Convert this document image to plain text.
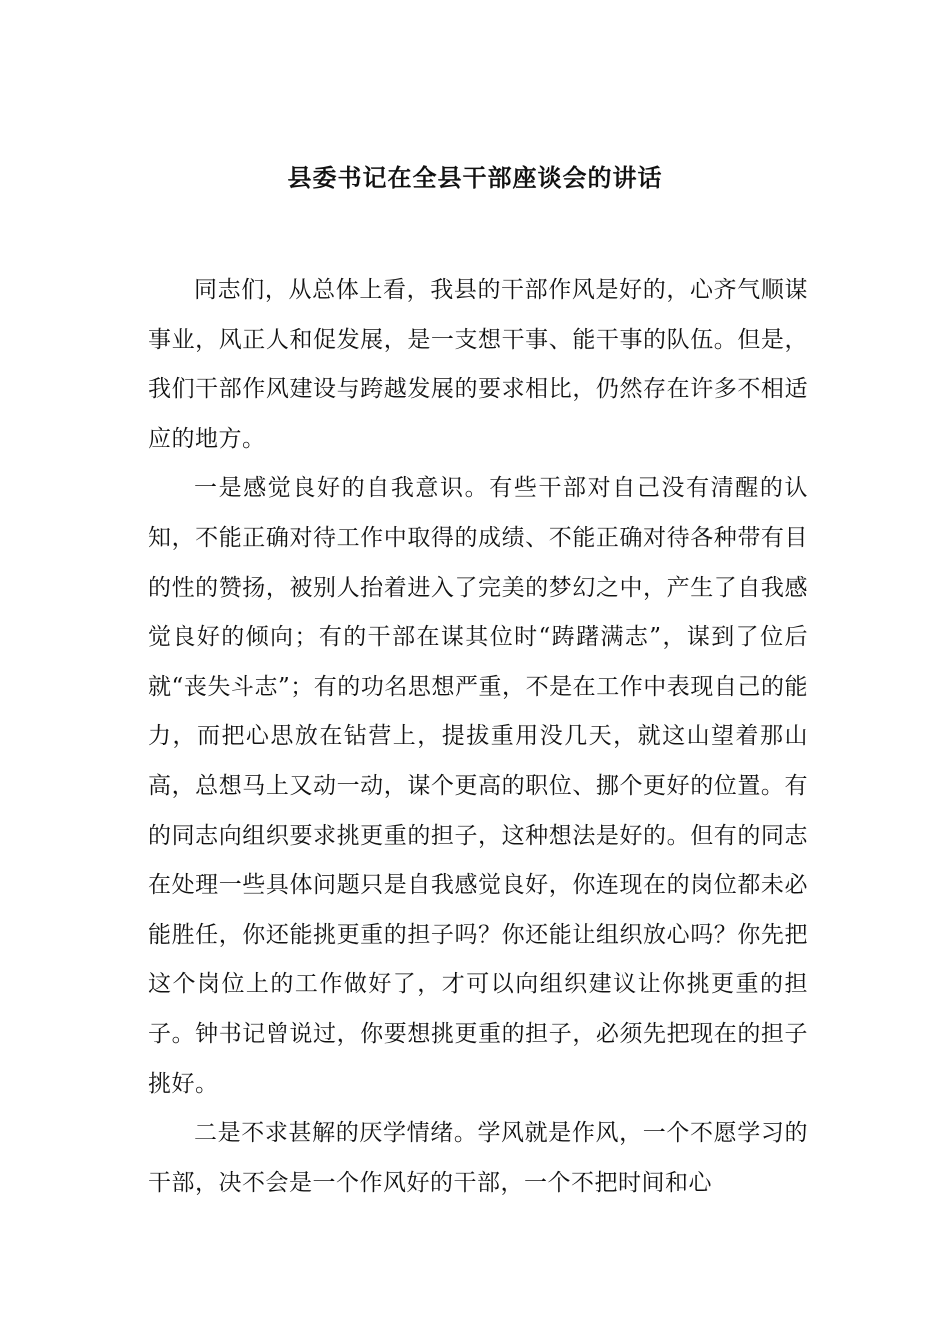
县委书记在全县干部座谈会的讲话

同志们，从总体上看，我县的干部作风是好的，心齐气顺谋事业，风正人和促发展，是一支想干事、能干事的队伍。但是，我们干部作风建设与跨越发展的要求相比，仍然存在许多不相适应的地方。

一是感觉良好的自我意识。有些干部对自己没有清醒的认知，不能正确对待工作中取得的成绩、不能正确对待各种带有目的性的赞扬，被别人抬着进入了完美的梦幻之中，产生了自我感觉良好的倾向；有的干部在谋其位时“踌躇满志”，谋到了位后就“丧失斗志”；有的功名思想严重，不是在工作中表现自己的能力，而把心思放在钻营上，提拔重用没几天，就这山望着那山高，总想马上又动一动，谋个更高的职位、挪个更好的位置。有的同志向组织要求挑更重的担子，这种想法是好的。但有的同志在处理一些具体问题只是自我感觉良好，你连现在的岗位都未必能胜任，你还能挑更重的担子吗？你还能让组织放心吗？你先把这个岗位上的工作做好了，才可以向组织建议让你挑更重的担子。钟书记曾说过，你要想挑更重的担子，必须先把现在的担子挑好。

二是不求甚解的厌学情绪。学风就是作风，一个不愿学习的干部，决不会是一个作风好的干部，一个不把时间和心
